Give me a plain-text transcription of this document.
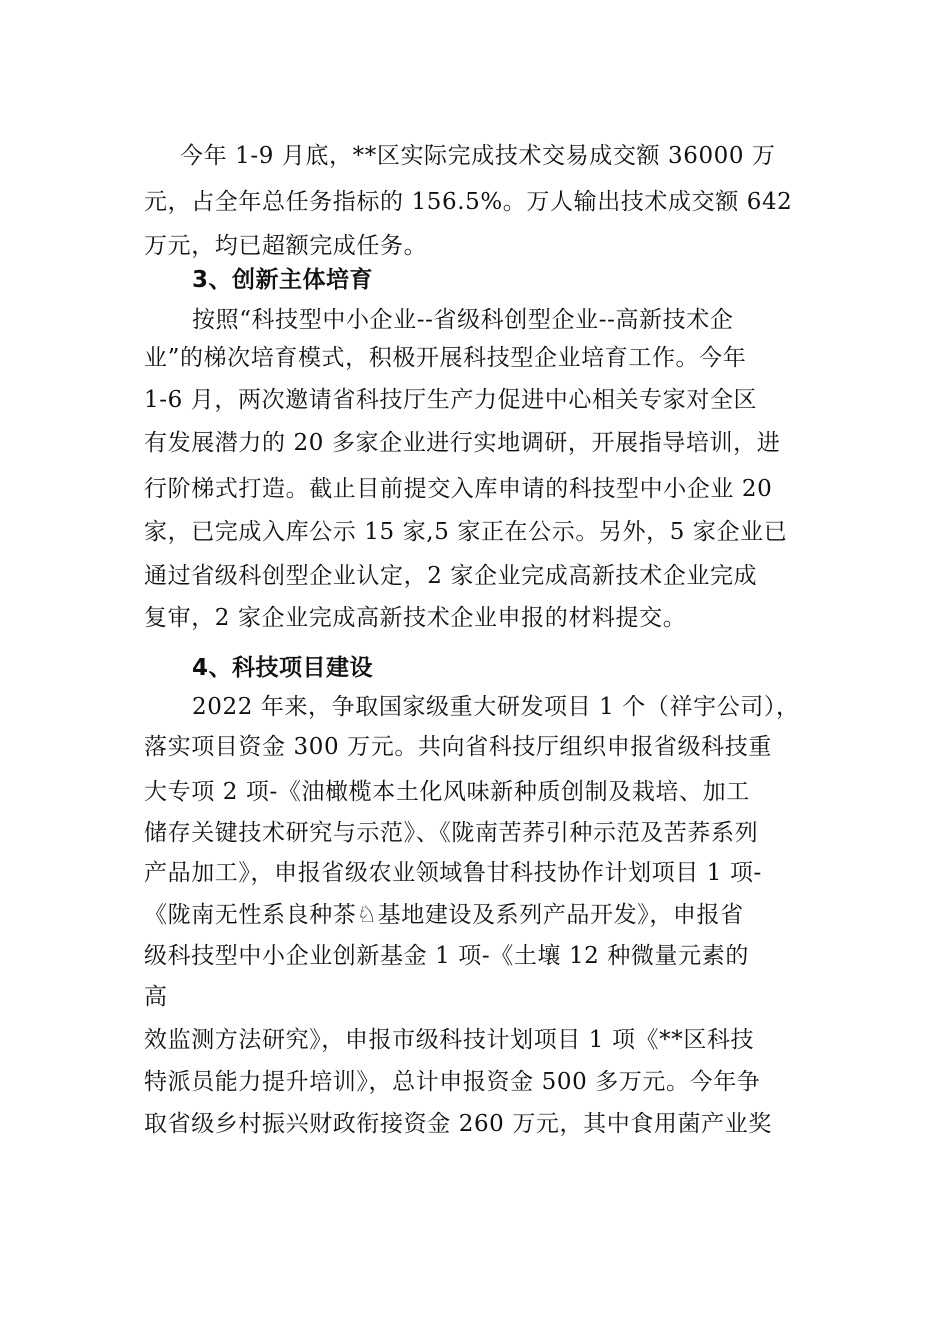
今年 1-9 月底，**区实际完成技术交易成交额 36000 万
元，占全年总任务指标的 156.5%。万人输出技术成交额 642
万元，均已超额完成任务。
3、创新主体培育
按照“科技型中小企业--省级科创型企业--高新技术企
业”的梯次培育模式，积极开展科技型企业培育工作。今年
1-6 月，两次邀请省科技厅生产力促进中心相关专家对全区
有发展潜力的 20 多家企业进行实地调研，开展指导培训，进
行阶梯式打造。截止目前提交入库申请的科技型中小企业 20
家，已完成入库公示 15 家,5 家正在公示。另外，5 家企业已
通过省级科创型企业认定，2 家企业完成高新技术企业完成
复审，2 家企业完成高新技术企业申报的材料提交。
4、科技项目建设
2022 年来，争取国家级重大研发项目 1 个（祥宇公司），
落实项目资金 300 万元。共向省科技厅组织申报省级科技重
大专项 2 项-《油橄榄本土化风味新种质创制及栽培、加工
储存关键技术研究与示范》、《陇南苦荞引种示范及苦荞系列
产品加工》，申报省级农业领域鲁甘科技协作计划项目 1 项-
《陇南无性系良种茶♘基地建设及系列产品开发》，申报省
级科技型中小企业创新基金 1 项-《土壤 12 种微量元素的
高
效监测方法研究》，申报市级科技计划项目 1 项《**区科技
特派员能力提升培训》，总计申报资金 500 多万元。今年争
取省级乡村振兴财政衔接资金 260 万元，其中食用菌产业奖
